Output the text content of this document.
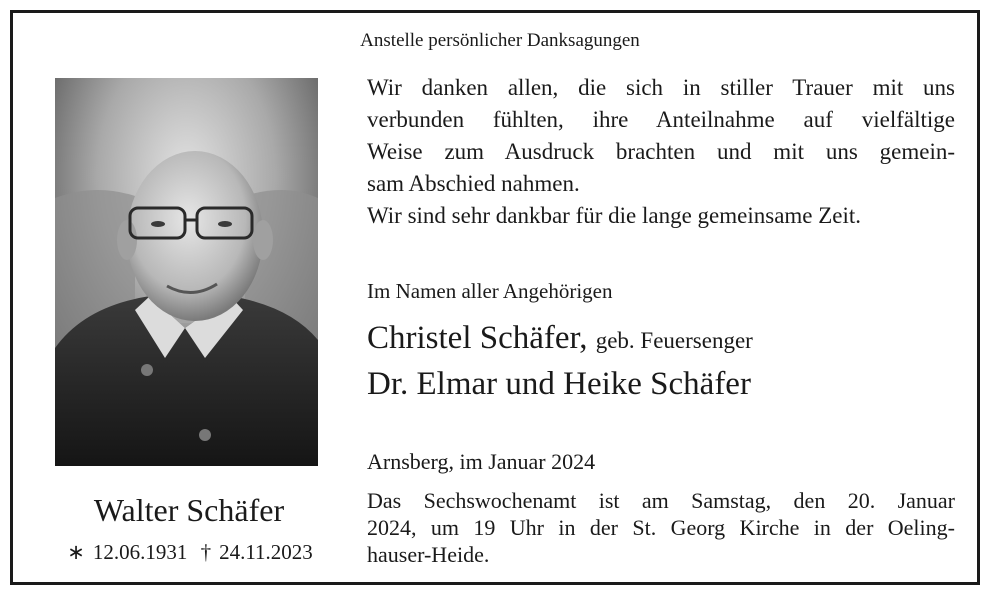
Anstelle persönlicher Danksagungen
Walter Schäfer
∗ 12.06.1931 † 24.11.2023
Wir danken allen, die sich in stiller Trauer mit uns
verbunden fühlten, ihre Anteilnahme auf vielfältige
Weise zum Ausdruck brachten und mit uns gemein-
sam Abschied nahmen.
Wir sind sehr dankbar für die lange gemeinsame Zeit.
Im Namen aller Angehörigen
Christel Schäfer, geb. Feuersenger
Dr. Elmar und Heike Schäfer
Arnsberg, im Januar 2024
Das Sechswochenamt ist am Samstag, den 20. Januar
2024, um 19 Uhr in der St. Georg Kirche in der Oeling-
hauser-Heide.
